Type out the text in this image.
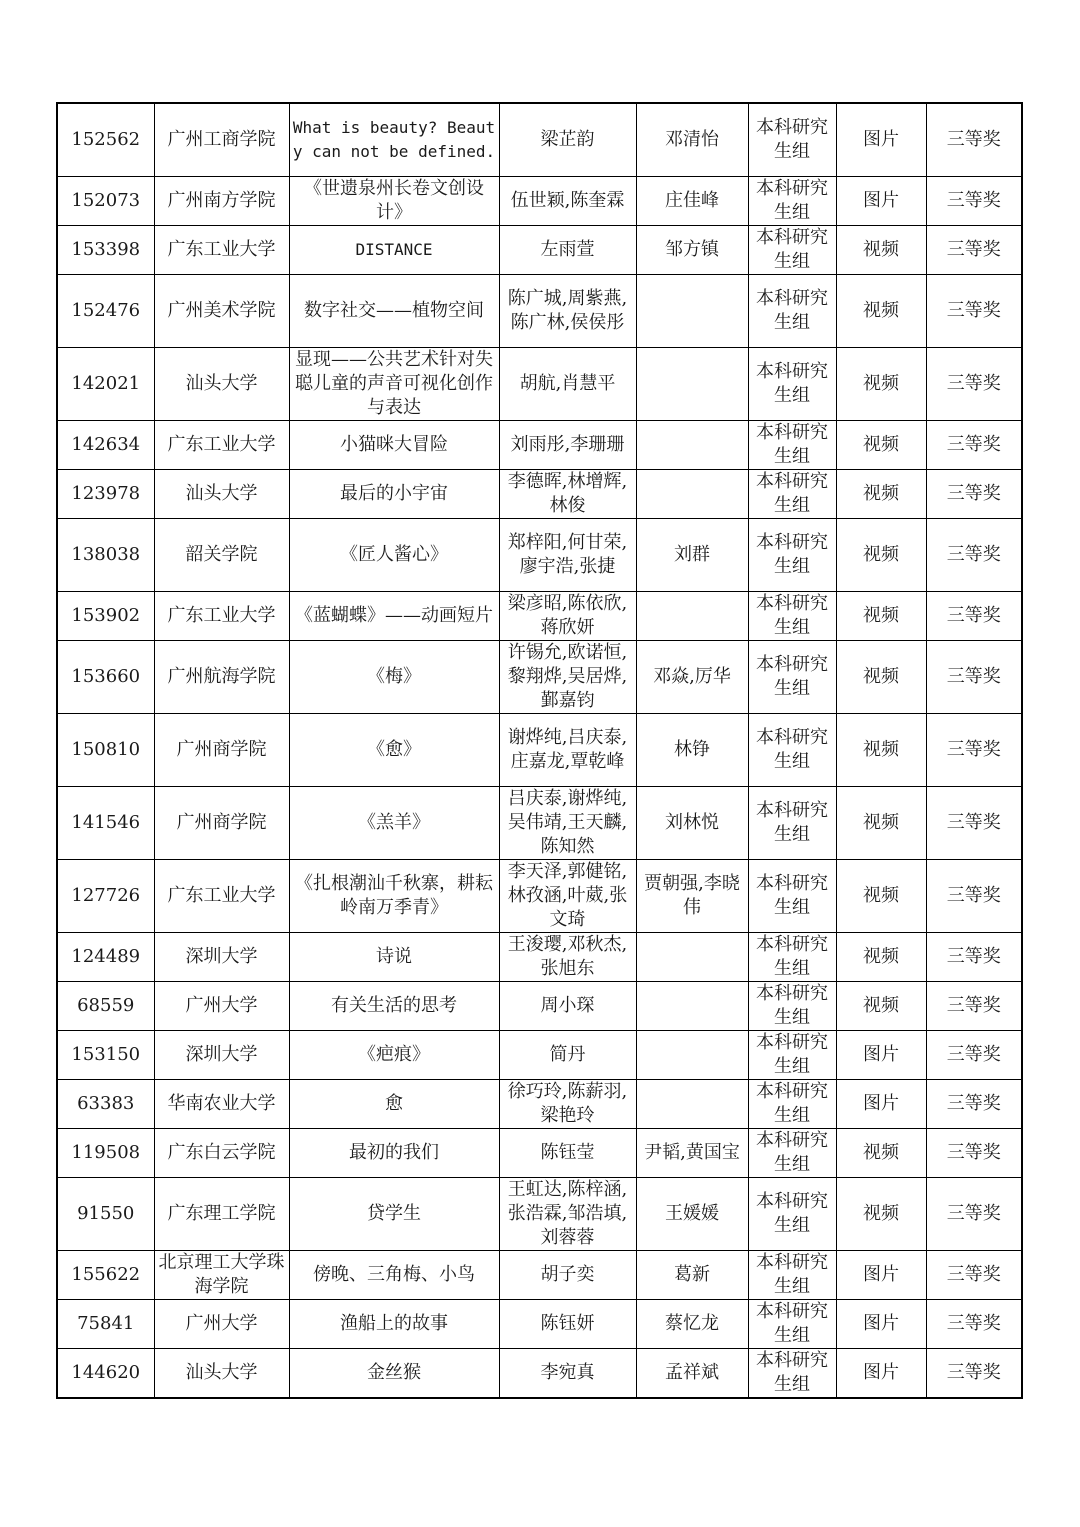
152562	广州工商学院	What is beauty? Beauty can not be defined.	梁芷韵	邓清怡	本科研究生组	图片	三等奖
152073	广州南方学院	《世遗泉州长卷文创设计》	伍世颖,陈奎霖	庄佳峰	本科研究生组	图片	三等奖
153398	广东工业大学	DISTANCE	左雨萱	邹方镇	本科研究生组	视频	三等奖
152476	广州美术学院	数字社交——植物空间	陈广城,周紫燕,陈广林,侯侯彤		本科研究生组	视频	三等奖
142021	汕头大学	显现——公共艺术针对失聪儿童的声音可视化创作与表达	胡航,肖慧平		本科研究生组	视频	三等奖
142634	广东工业大学	小猫咪大冒险	刘雨彤,李珊珊		本科研究生组	视频	三等奖
123978	汕头大学	最后的小宇宙	李德晖,林增辉,林俊		本科研究生组	视频	三等奖
138038	韶关学院	《匠人酱心》	郑梓阳,何甘荣,廖宇浩,张捷	刘群	本科研究生组	视频	三等奖
153902	广东工业大学	《蓝蝴蝶》——动画短片	梁彦昭,陈依欣,蒋欣妍		本科研究生组	视频	三等奖
153660	广州航海学院	《梅》	许锡允,欧诺恒,黎翔烨,吴居烨,鄞嘉钧	邓焱,厉华	本科研究生组	视频	三等奖
150810	广州商学院	《愈》	谢烨纯,吕庆泰,庄嘉龙,覃乾峰	林铮	本科研究生组	视频	三等奖
141546	广州商学院	《羔羊》	吕庆泰,谢烨纯,吴伟靖,王天麟,陈知然	刘林悦	本科研究生组	视频	三等奖
127726	广东工业大学	《扎根潮汕千秋寨，耕耘岭南万季青》	李天泽,郭健铭,林孜涵,叶葳,张文琦	贾朝强,李晓伟	本科研究生组	视频	三等奖
124489	深圳大学	诗说	王浚璎,邓秋杰,张旭东		本科研究生组	视频	三等奖
68559	广州大学	有关生活的思考	周小琛		本科研究生组	视频	三等奖
153150	深圳大学	《疤痕》	简丹		本科研究生组	图片	三等奖
63383	华南农业大学	愈	徐巧玲,陈薪羽,梁艳玲		本科研究生组	图片	三等奖
119508	广东白云学院	最初的我们	陈钰莹	尹韬,黄国宝	本科研究生组	视频	三等奖
91550	广东理工学院	贷学生	王虹达,陈梓涵,张浩霖,邹浩填,刘蓉蓉	王媛媛	本科研究生组	视频	三等奖
155622	北京理工大学珠海学院	傍晚、三角梅、小鸟	胡子奕	葛新	本科研究生组	图片	三等奖
75841	广州大学	渔船上的故事	陈钰妍	蔡忆龙	本科研究生组	图片	三等奖
144620	汕头大学	金丝猴	李宛真	孟祥斌	本科研究生组	图片	三等奖
